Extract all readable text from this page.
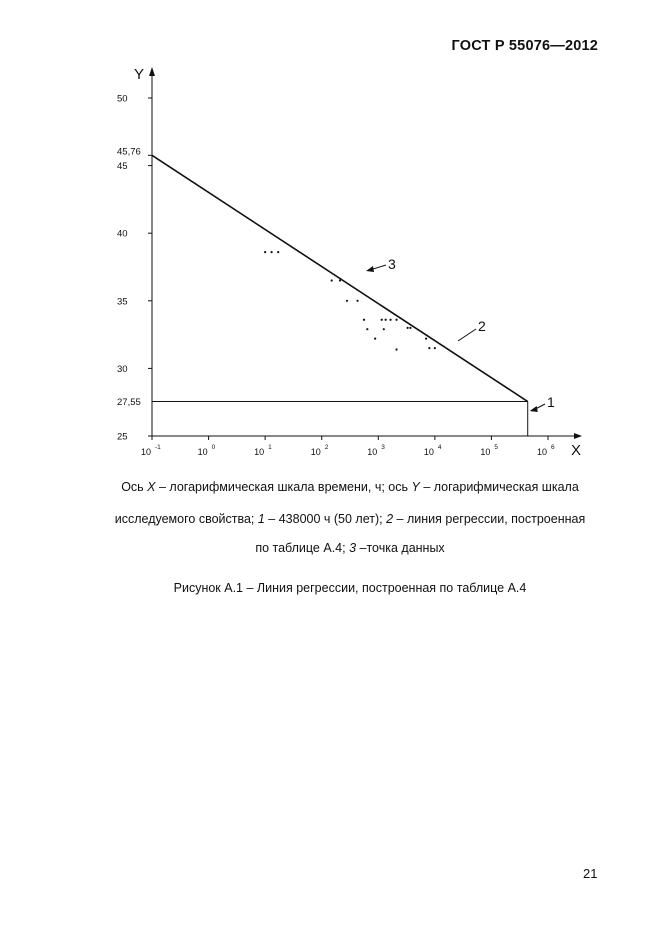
ГОСТ Р 55076—2012
X
Y
10 -1	10 0	10 1	10 2	10 3	10 4	10 5	10 6
25
30
35
40
45
50
45,76
27,55	1
2
3
Ось X – логарифмическая шкала времени, ч; ось Y – логарифмическая шкала
исследуемого свойства; 1 – 438000 ч (50 лет); 2 – линия регрессии, построенная
по таблице А.4; 3 –точка данных
Рисунок А.1 – Линия регрессии, построенная по таблице А.4
21
